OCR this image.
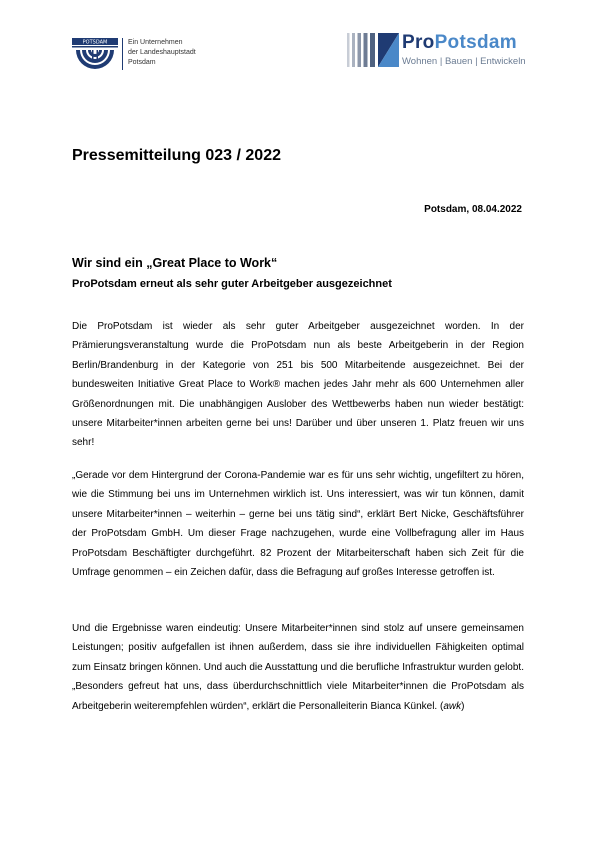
POTSDAM	Ein Unternehmen
der Landeshauptstadt
Potsdam
ProPotsdam
Wohnen | Bauen | Entwickeln
Pressemitteilung 023 / 2022
Potsdam, 08.04.2022
Wir sind ein „Great Place to Work“
ProPotsdam erneut als sehr guter Arbeitgeber ausgezeichnet

Die ProPotsdam ist wieder als sehr guter Arbeitgeber ausgezeichnet worden. In der Prämierungsveranstaltung wurde die ProPotsdam nun als beste Arbeitgeberin in der Region Berlin/Brandenburg in der Kategorie von 251 bis 500 Mitarbeitende ausgezeichnet. Bei der bundesweiten Initiative Great Place to Work® machen jedes Jahr mehr als 600 Unternehmen aller Größenordnungen mit. Die unabhängigen Auslober des Wettbewerbs haben nun wieder bestätigt: unsere Mitarbeiter*innen arbeiten gerne bei uns! Darüber und über unseren 1. Platz freuen wir uns sehr!

„Gerade vor dem Hintergrund der Corona-Pandemie war es für uns sehr wichtig, ungefiltert zu hören, wie die Stimmung bei uns im Unternehmen wirklich ist. Uns interessiert, was wir tun können, damit unsere Mitarbeiter*innen – weiterhin – gerne bei uns tätig sind“, erklärt Bert Nicke, Geschäftsführer der ProPotsdam GmbH. Um dieser Frage nachzugehen, wurde eine Vollbefragung aller im Haus ProPotsdam Beschäftigter durchgeführt. 82 Prozent der Mitarbeiterschaft haben sich Zeit für die Umfrage genommen – ein Zeichen dafür, dass die Befragung auf großes Interesse getroffen ist.

Und die Ergebnisse waren eindeutig: Unsere Mitarbeiter*innen sind stolz auf unsere gemeinsamen Leistungen; positiv aufgefallen ist ihnen außerdem, dass sie ihre individuellen Fähigkeiten optimal zum Einsatz bringen können. Und auch die Ausstattung und die berufliche Infrastruktur wurden gelobt. „Besonders gefreut hat uns, dass überdurchschnittlich viele Mitarbeiter*innen die ProPotsdam als Arbeitgeberin weiterempfehlen würden“, erklärt die Personalleiterin Bianca Künkel. (awk)
